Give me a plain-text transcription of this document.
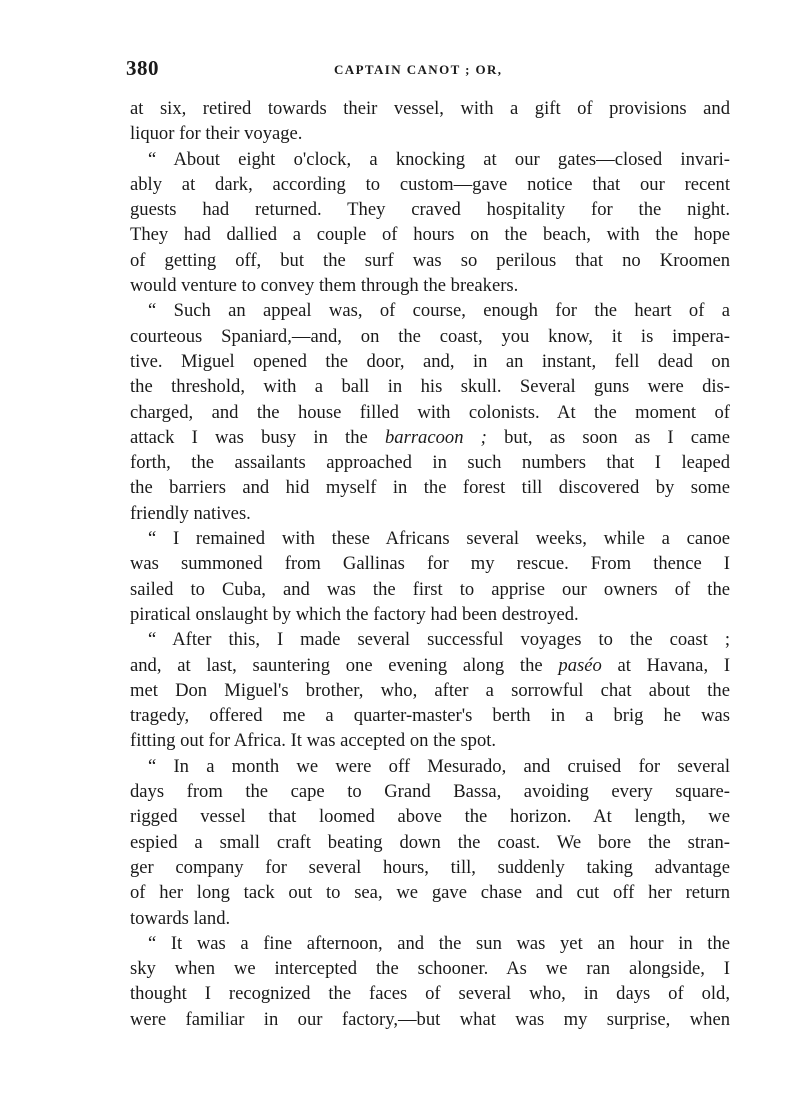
380	CAPTAIN CANOT ; OR,
at six, retired towards their vessel, with a gift of provisions and
liquor for their voyage.
“ About eight o'clock, a knocking at our gates—closed invari-
ably at dark, according to custom—gave notice that our recent
guests had returned. They craved hospitality for the night.
They had dallied a couple of hours on the beach, with the hope
of getting off, but the surf was so perilous that no Kroomen
would venture to convey them through the breakers.
“ Such an appeal was, of course, enough for the heart of a
courteous Spaniard,—and, on the coast, you know, it is impera-
tive. Miguel opened the door, and, in an instant, fell dead on
the threshold, with a ball in his skull. Several guns were dis-
charged, and the house filled with colonists. At the moment of
attack I was busy in the barracoon ; but, as soon as I came
forth, the assailants approached in such numbers that I leaped
the barriers and hid myself in the forest till discovered by some
friendly natives.
“ I remained with these Africans several weeks, while a canoe
was summoned from Gallinas for my rescue. From thence I
sailed to Cuba, and was the first to apprise our owners of the
piratical onslaught by which the factory had been destroyed.
“ After this, I made several successful voyages to the coast ;
and, at last, sauntering one evening along the paséo at Havana, I
met Don Miguel's brother, who, after a sorrowful chat about the
tragedy, offered me a quarter-master's berth in a brig he was
fitting out for Africa. It was accepted on the spot.
“ In a month we were off Mesurado, and cruised for several
days from the cape to Grand Bassa, avoiding every square-
rigged vessel that loomed above the horizon. At length, we
espied a small craft beating down the coast. We bore the stran-
ger company for several hours, till, suddenly taking advantage
of her long tack out to sea, we gave chase and cut off her return
towards land.
“ It was a fine afternoon, and the sun was yet an hour in the
sky when we intercepted the schooner. As we ran alongside, I
thought I recognized the faces of several who, in days of old,
were familiar in our factory,—but what was my surprise, when
